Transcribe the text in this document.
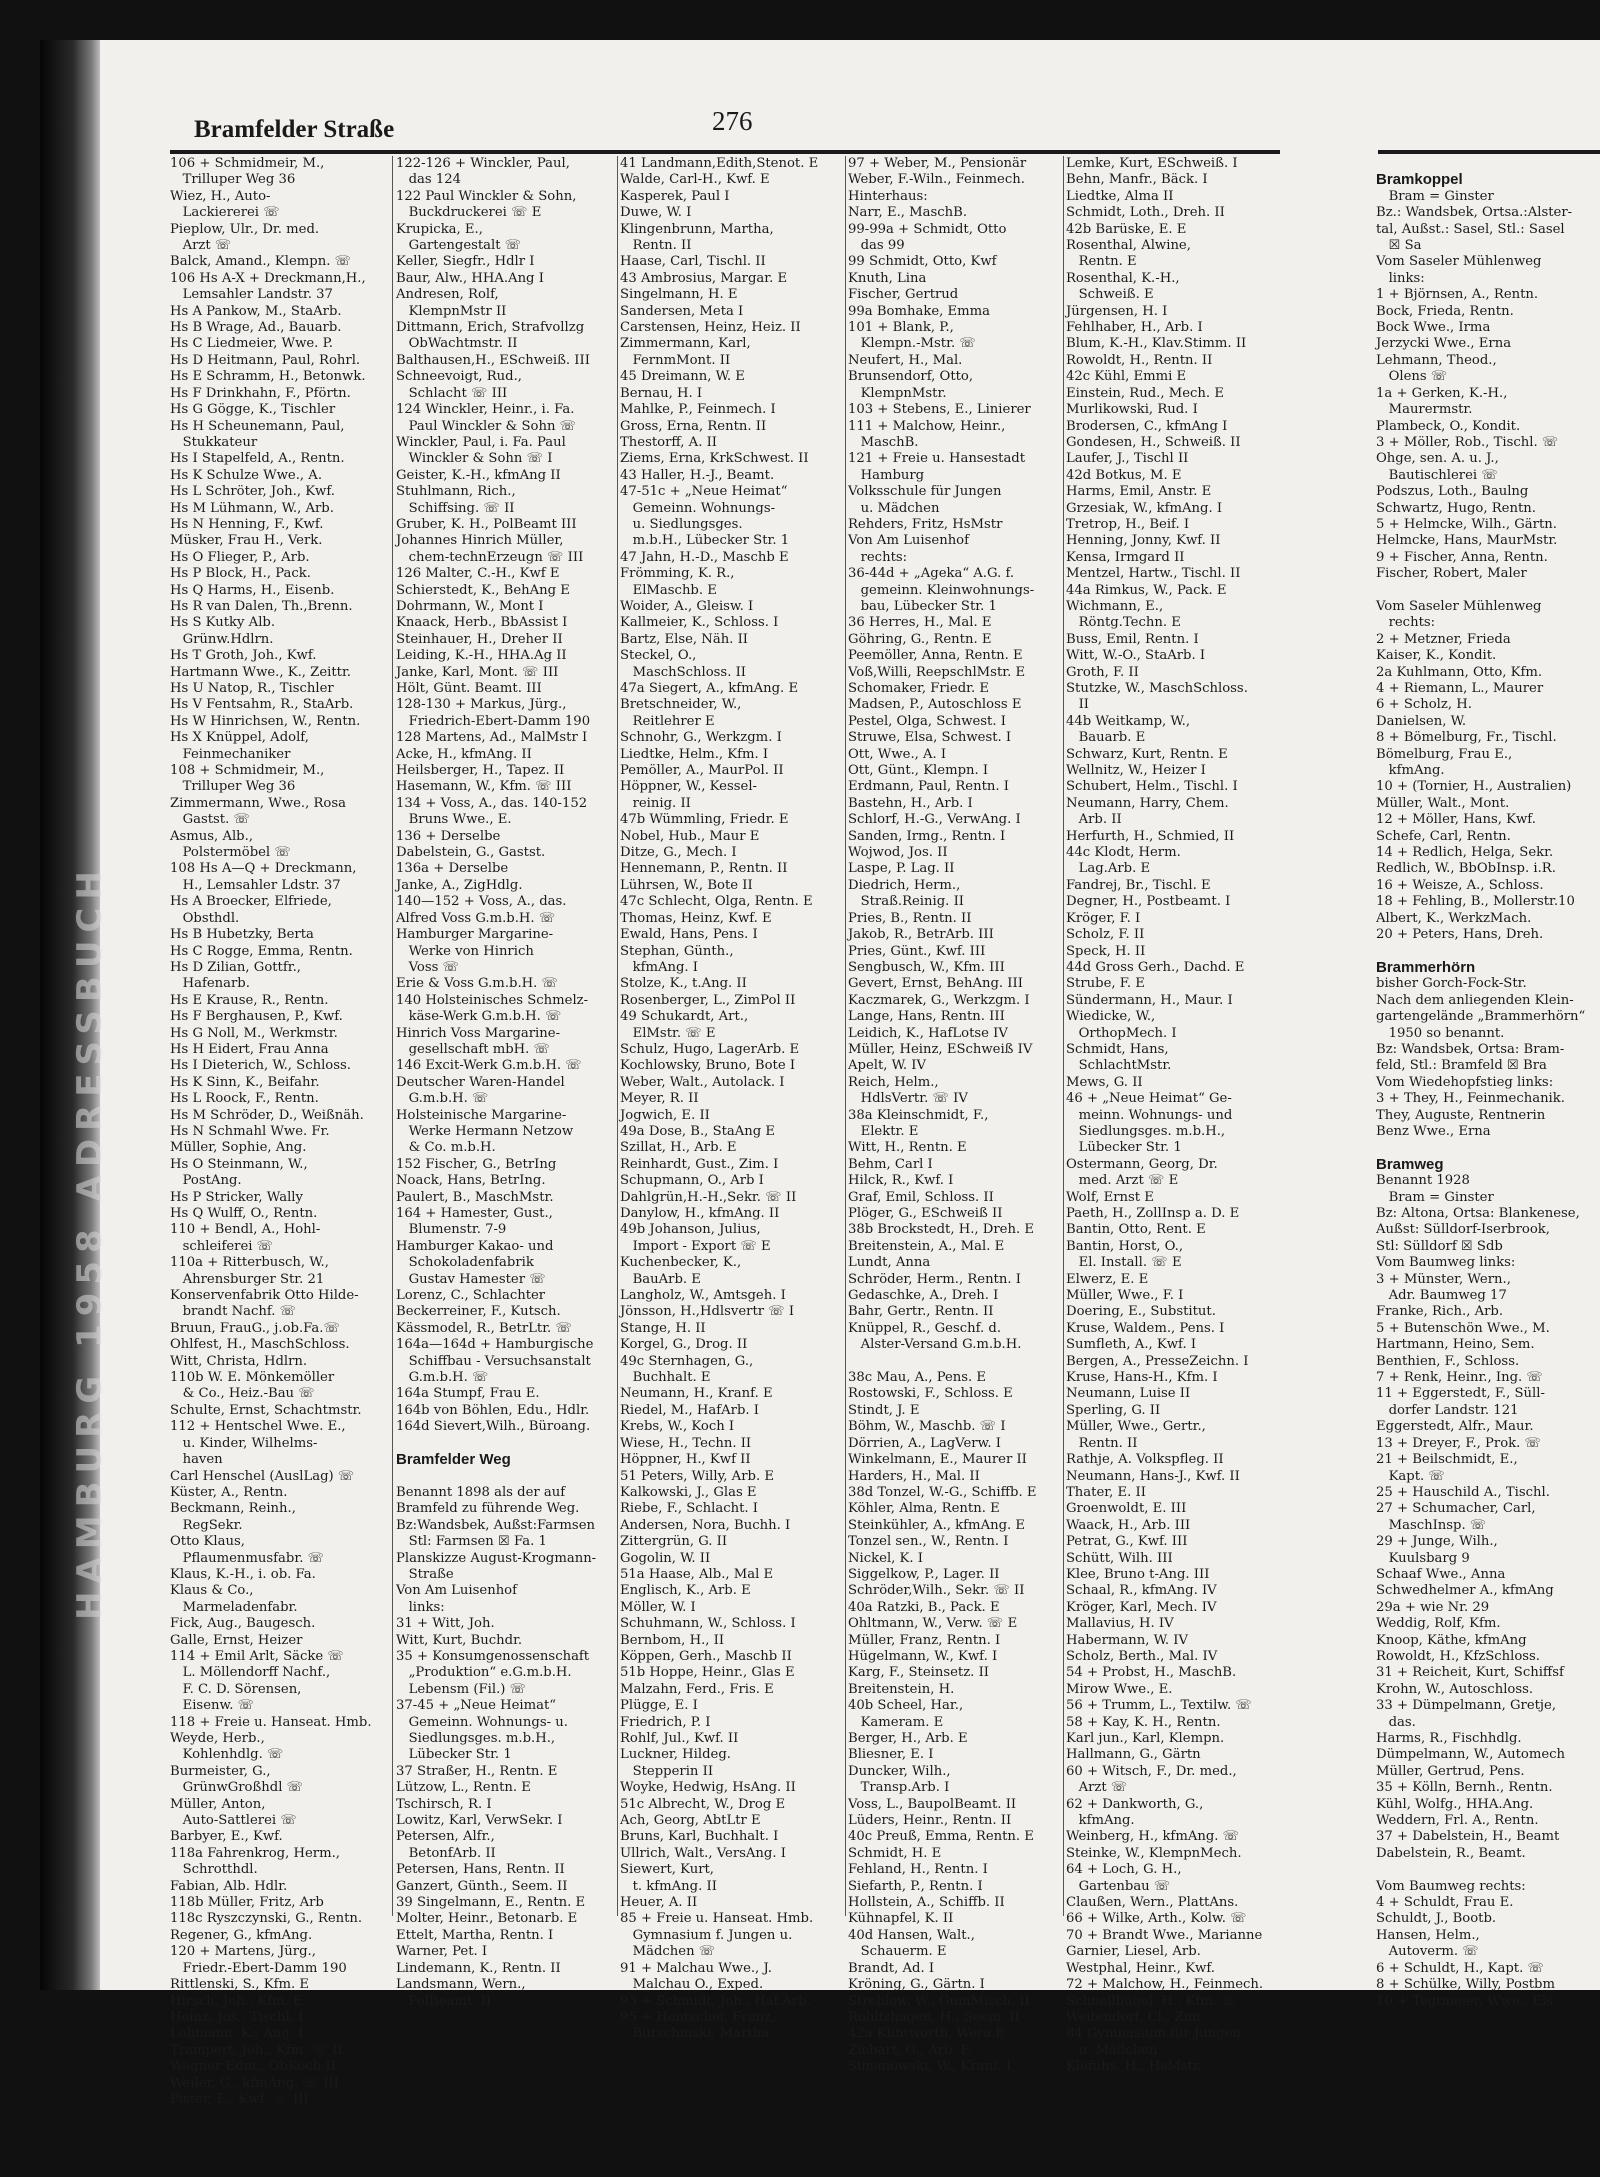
HAMBURG 1958 ADRESSBUCH
Bramfelder Straße	276
106 + Schmidmeir, M.,
Trilluper Weg 36
Wiez, H., Auto-
Lackiererei ☏
Pieplow, Ulr., Dr. med.
Arzt ☏
Balck, Amand., Klempn. ☏
106 Hs A-X + Dreckmann,H.,
Lemsahler Landstr. 37
Hs A Pankow, M., StaArb.
Hs B Wrage, Ad., Bauarb.
Hs C Liedmeier, Wwe. P.
Hs D Heitmann, Paul, Rohrl.
Hs E Schramm, H., Betonwk.
Hs F Drinkhahn, F., Pförtn.
Hs G Gögge, K., Tischler
Hs H Scheunemann, Paul,
Stukkateur
Hs I Stapelfeld, A., Rentn.
Hs K Schulze Wwe., A.
Hs L Schröter, Joh., Kwf.
Hs M Lühmann, W., Arb.
Hs N Henning, F., Kwf.
Müsker, Frau H., Verk.
Hs O Flieger, P., Arb.
Hs P Block, H., Pack.
Hs Q Harms, H., Eisenb.
Hs R van Dalen, Th.,Brenn.
Hs S Kutky Alb.
Grünw.Hdlrn.
Hs T Groth, Joh., Kwf.
Hartmann Wwe., K., Zeittr.
Hs U Natop, R., Tischler
Hs V Fentsahm, R., StaArb.
Hs W Hinrichsen, W., Rentn.
Hs X Knüppel, Adolf,
Feinmechaniker
108 + Schmidmeir, M.,
Trilluper Weg 36
Zimmermann, Wwe., Rosa
Gastst. ☏
Asmus, Alb.,
Polstermöbel ☏
108 Hs A—Q + Dreckmann,
H., Lemsahler Ldstr. 37
Hs A Broecker, Elfriede,
Obsthdl.
Hs B Hubetzky, Berta
Hs C Rogge, Emma, Rentn.
Hs D Zilian, Gottfr.,
Hafenarb.
Hs E Krause, R., Rentn.
Hs F Berghausen, P., Kwf.
Hs G Noll, M., Werkmstr.
Hs H Eidert, Frau Anna
Hs I Dieterich, W., Schloss.
Hs K Sinn, K., Beifahr.
Hs L Roock, F., Rentn.
Hs M Schröder, D., Weißnäh.
Hs N Schmahl Wwe. Fr.
Müller, Sophie, Ang.
Hs O Steinmann, W.,
PostAng.
Hs P Stricker, Wally
Hs Q Wulff, O., Rentn.
110 + Bendl, A., Hohl-
schleiferei ☏
110a + Ritterbusch, W.,
Ahrensburger Str. 21
Konservenfabrik Otto Hilde-
brandt Nachf. ☏
Bruun, FrauG., j.ob.Fa.☏
Ohlfest, H., MaschSchloss.
Witt, Christa, Hdlrn.
110b W. E. Mönkemöller
& Co., Heiz.-Bau ☏
Schulte, Ernst, Schachtmstr.
112 + Hentschel Wwe. E.,
u. Kinder, Wilhelms-
haven
Carl Henschel (AuslLag) ☏
Küster, A., Rentn.
Beckmann, Reinh.,
RegSekr.
Otto Klaus,
Pflaumenmusfabr. ☏
Klaus, K.-H., i. ob. Fa.
Klaus & Co.,
Marmeladenfabr.
Fick, Aug., Baugesch.
Galle, Ernst, Heizer
114 + Emil Arlt, Säcke ☏
L. Möllendorff Nachf.,
F. C. D. Sörensen,
Eisenw. ☏
118 + Freie u. Hanseat. Hmb.
Weyde, Herb.,
Kohlenhdlg. ☏
Burmeister, G.,
GrünwGroßhdl ☏
Müller, Anton,
Auto-Sattlerei ☏
Barbyer, E., Kwf.
118a Fahrenkrog, Herm.,
Schrotthdl.
Fabian, Alb. Hdlr.
118b Müller, Fritz, Arb
118c Ryszczynski, G., Rentn.
Regener, G., kfmAng.
120 + Martens, Jürg.,
Friedr.-Ebert-Damm 190
Rittlenski, S., Kfm. E
Hirsch, Joh., Kfm. E
Heinz, Jos., Tischl. I
Lohmann, K., Ang. I
Trampert, Joh., Kfm. ☏ II
Wagner Edm., ObKoch II
Weiler, G., kfmAng. ☏ III
Pister, E., Kwf. ☏ III
122-126 + Winckler, Paul,
das 124
122 Paul Winckler & Sohn,
Buckdruckerei ☏ E
Krupicka, E.,
Gartengestalt ☏
Keller, Siegfr., Hdlr I
Baur, Alw., HHA.Ang I
Andresen, Rolf,
KlempnMstr II
Dittmann, Erich, Strafvollzg
ObWachtmstr. II
Balthausen,H., ESchweiß. III
Schneevoigt, Rud.,
Schlacht ☏ III
124 Winckler, Heinr., i. Fa.
Paul Winckler & Sohn ☏
Winckler, Paul, i. Fa. Paul
Winckler & Sohn ☏ I
Geister, K.-H., kfmAng II
Stuhlmann, Rich.,
Schiffsing. ☏ II
Gruber, K. H., PolBeamt III
Johannes Hinrich Müller,
chem-technErzeugn ☏ III
126 Malter, C.-H., Kwf E
Schierstedt, K., BehAng E
Dohrmann, W., Mont I
Knaack, Herb., BbAssist I
Steinhauer, H., Dreher II
Leiding, K.-H., HHA.Ag II
Janke, Karl, Mont. ☏ III
Hölt, Günt. Beamt. III
128-130 + Markus, Jürg.,
Friedrich-Ebert-Damm 190
128 Martens, Ad., MalMstr I
Acke, H., kfmAng. II
Heilsberger, H., Tapez. II
Hasemann, W., Kfm. ☏ III
134 + Voss, A., das. 140-152
Bruns Wwe., E.
136 + Derselbe
Dabelstein, G., Gastst.
136a + Derselbe
Janke, A., ZigHdlg.
140—152 + Voss, A., das.
Alfred Voss G.m.b.H. ☏
Hamburger Margarine-
Werke von Hinrich
Voss ☏
Erie & Voss G.m.b.H. ☏
140 Holsteinisches Schmelz-
käse-Werk G.m.b.H. ☏
Hinrich Voss Margarine-
gesellschaft mbH. ☏
146 Excit-Werk G.m.b.H. ☏
Deutscher Waren-Handel
G.m.b.H. ☏
Holsteinische Margarine-
Werke Hermann Netzow
& Co. m.b.H.
152 Fischer, G., BetrIng
Noack, Hans, BetrIng.
Paulert, B., MaschMstr.
164 + Hamester, Gust.,
Blumenstr. 7-9
Hamburger Kakao- und
Schokoladenfabrik
Gustav Hamester ☏
Lorenz, C., Schlachter
Beckerreiner, F., Kutsch.
Kässmodel, R., BetrLtr. ☏
164a—164d + Hamburgische
Schiffbau - Versuchsanstalt
G.m.b.H. ☏
164a Stumpf, Frau E.
164b von Böhlen, Edu., Hdlr.
164d Sievert,Wilh., Büroang.

Bramfelder Weg

Benannt 1898 als der auf
Bramfeld zu führende Weg.
Bz:Wandsbek, Außst:Farmsen
Stl: Farmsen ☒ Fa. 1
Planskizze August-Krogmann-
Straße
Von Am Luisenhof
links:
31 + Witt, Joh.
Witt, Kurt, Buchdr.
35 + Konsumgenossenschaft
„Produktion“ e.G.m.b.H.
Lebensm (Fil.) ☏
37-45 + „Neue Heimat“
Gemeinn. Wohnungs- u.
Siedlungsges. m.b.H.,
Lübecker Str. 1
37 Straßer, H., Rentn. E
Lützow, L., Rentn. E
Tschirsch, R. I
Lowitz, Karl, VerwSekr. I
Petersen, Alfr.,
BetonfArb. II
Petersen, Hans, Rentn. II
Ganzert, Günth., Seem. II
39 Singelmann, E., Rentn. E
Molter, Heinr., Betonarb. E
Ettelt, Martha, Rentn. I
Warner, Pet. I
Lindemann, K., Rentn. II
Landsmann, Wern.,
PolBeamt. II
41 Landmann,Edith,Stenot. E
Walde, Carl-H., Kwf. E
Kasperek, Paul I
Duwe, W. I
Klingenbrunn, Martha,
Rentn. II
Haase, Carl, Tischl. II
43 Ambrosius, Margar. E
Singelmann, H. E
Sandersen, Meta I
Carstensen, Heinz, Heiz. II
Zimmermann, Karl,
FernmMont. II
45 Dreimann, W. E
Bernau, H. I
Mahlke, P., Feinmech. I
Gross, Erna, Rentn. II
Thestorff, A. II
Ziems, Erna, KrkSchwest. II
43 Haller, H.-J., Beamt.
47-51c + „Neue Heimat“
Gemeinn. Wohnungs-
u. Siedlungsges.
m.b.H., Lübecker Str. 1
47 Jahn, H.-D., Maschb E
Frömming, K. R.,
ElMaschb. E
Woider, A., Gleisw. I
Kallmeier, K., Schloss. I
Bartz, Else, Näh. II
Steckel, O.,
MaschSchloss. II
47a Siegert, A., kfmAng. E
Bretschneider, W.,
Reitlehrer E
Schnohr, G., Werkzgm. I
Liedtke, Helm., Kfm. I
Pemöller, A., MaurPol. II
Höppner, W., Kessel-
reinig. II
47b Wümmling, Friedr. E
Nobel, Hub., Maur E
Ditze, G., Mech. I
Hennemann, P., Rentn. II
Lührsen, W., Bote II
47c Schlecht, Olga, Rentn. E
Thomas, Heinz, Kwf. E
Ewald, Hans, Pens. I
Stephan, Günth.,
kfmAng. I
Stolze, K., t.Ang. II
Rosenberger, L., ZimPol II
49 Schukardt, Art.,
ElMstr. ☏ E
Schulz, Hugo, LagerArb. E
Kochlowsky, Bruno, Bote I
Weber, Walt., Autolack. I
Meyer, R. II
Jogwich, E. II
49a Dose, B., StaAng E
Szillat, H., Arb. E
Reinhardt, Gust., Zim. I
Schupmann, O., Arb I
Dahlgrün,H.-H.,Sekr. ☏ II
Danylow, H., kfmAng. II
49b Johanson, Julius,
Import - Export ☏ E
Kuchenbecker, K.,
BauArb. E
Langholz, W., Amtsgeh. I
Jönsson, H.,Hdlsvertr ☏ I
Stange, H. II
Korgel, G., Drog. II
49c Sternhagen, G.,
Buchhalt. E
Neumann, H., Kranf. E
Riedel, M., HafArb. I
Krebs, W., Koch I
Wiese, H., Techn. II
Höppner, H., Kwf II
51 Peters, Willy, Arb. E
Kalkowski, J., Glas E
Riebe, F., Schlacht. I
Andersen, Nora, Buchh. I
Zittergrün, G. II
Gogolin, W. II
51a Haase, Alb., Mal E
Englisch, K., Arb. E
Möller, W. I
Schuhmann, W., Schloss. I
Bernbom, H., II
Köppen, Gerh., Maschb II
51b Hoppe, Heinr., Glas E
Malzahn, Ferd., Fris. E
Plügge, E. I
Friedrich, P. I
Rohlf, Jul., Kwf. II
Luckner, Hildeg.
Stepperin II
Woyke, Hedwig, HsAng. II
51c Albrecht, W., Drog E
Ach, Georg, AbtLtr E
Bruns, Karl, Buchhalt. I
Ullrich, Walt., VersAng. I
Siewert, Kurt,
t. kfmAng. II
Heuer, A. II
85 + Freie u. Hanseat. Hmb.
Gymnasium f. Jungen u.
Mädchen ☏
91 + Malchau Wwe., J.
Malchau O., Exped.
93 + Schmidt, Joh., Haf.Arb.
95 + Hentschel, Franz,
Burschinski, Martha
97 + Weber, M., Pensionär
Weber, F.-Wiln., Feinmech.
Hinterhaus:
Narr, E., MaschB.
99-99a + Schmidt, Otto
das 99
99 Schmidt, Otto, Kwf
Knuth, Lina
Fischer, Gertrud
99a Bomhake, Emma
101 + Blank, P.,
Klempn.-Mstr. ☏
Neufert, H., Mal.
Brunsendorf, Otto,
KlempnMstr.
103 + Stebens, E., Linierer
111 + Malchow, Heinr.,
MaschB.
121 + Freie u. Hansestadt
Hamburg
Volksschule für Jungen
u. Mädchen
Rehders, Fritz, HsMstr
Von Am Luisenhof
rechts:
36-44d + „Ageka“ A.G. f.
gemeinn. Kleinwohnungs-
bau, Lübecker Str. 1
36 Herres, H., Mal. E
Göhring, G., Rentn. E
Peemöller, Anna, Rentn. E
Voß,Willi, ReepschlMstr. E
Schomaker, Friedr. E
Madsen, P., Autoschloss E
Pestel, Olga, Schwest. I
Struwe, Elsa, Schwest. I
Ott, Wwe., A. I
Ott, Günt., Klempn. I
Erdmann, Paul, Rentn. I
Bastehn, H., Arb. I
Schlorf, H.-G., VerwAng. I
Sanden, Irmg., Rentn. I
Wojwod, Jos. II
Laspe, P. Lag. II
Diedrich, Herm.,
Straß.Reinig. II
Pries, B., Rentn. II
Jakob, R., BetrArb. III
Pries, Günt., Kwf. III
Sengbusch, W., Kfm. III
Gevert, Ernst, BehAng. III
Kaczmarek, G., Werkzgm. I
Lange, Hans, Rentn. III
Leidich, K., HafLotse IV
Müller, Heinz, ESchweiß IV
Apelt, W. IV
Reich, Helm.,
HdlsVertr. ☏ IV
38a Kleinschmidt, F.,
Elektr. E
Witt, H., Rentn. E
Behm, Carl I
Hilck, R., Kwf. I
Graf, Emil, Schloss. II
Plöger, G., ESchweiß II
38b Brockstedt, H., Dreh. E
Breitenstein, A., Mal. E
Lundt, Anna
Schröder, Herm., Rentn. I
Gedaschke, A., Dreh. I
Bahr, Gertr., Rentn. II
Knüppel, R., Geschf. d.
Alster-Versand G.m.b.H.

38c Mau, A., Pens. E
Rostowski, F., Schloss. E
Stindt, J. E
Böhm, W., Maschb. ☏ I
Dörrien, A., LagVerw. I
Winkelmann, E., Maurer II
Harders, H., Mal. II
38d Tonzel, W.-G., Schiffb. E
Köhler, Alma, Rentn. E
Steinkühler, A., kfmAng. E
Tonzel sen., W., Rentn. I
Nickel, K. I
Siggelkow, P., Lager. II
Schröder,Wilh., Sekr. ☏ II
40a Ratzki, B., Pack. E
Ohltmann, W., Verw. ☏ E
Müller, Franz, Rentn. I
Hügelmann, W., Kwf. I
Karg, F., Steinsetz. II
Breitenstein, H.
40b Scheel, Har.,
Kameram. E
Berger, H., Arb. E
Bliesner, E. I
Duncker, Wilh.,
Transp.Arb. I
Voss, L., BaupolBeamt. II
Lüders, Heinr., Rentn. II
40c Preuß, Emma, Rentn. E
Schmidt, H. E
Fehland, H., Rentn. I
Siefarth, P., Rentn. I
Hollstein, A., Schiffb. II
Kühnapfel, K. II
40d Hansen, Walt.,
Schauerm. E
Brandt, Ad. I
Kröning, G., Gärtn. I
Streblow, W., GumMisch. II
Rohlfshagen, H., Seem. II
42a Klintworth, Wera E
Ziebart, G., Arb. E
Simanowski, W., Kranf. I
Lemke, Kurt, ESchweiß. I
Behn, Manfr., Bäck. I
Liedtke, Alma II
Schmidt, Loth., Dreh. II
42b Barüske, E. E
Rosenthal, Alwine,
Rentn. E
Rosenthal, K.-H.,
Schweiß. E
Jürgensen, H. I
Fehlhaber, H., Arb. I
Blum, K.-H., Klav.Stimm. II
Rowoldt, H., Rentn. II
42c Kühl, Emmi E
Einstein, Rud., Mech. E
Murlikowski, Rud. I
Brodersen, C., kfmAng I
Gondesen, H., Schweiß. II
Laufer, J., Tischl II
42d Botkus, M. E
Harms, Emil, Anstr. E
Grzesiak, W., kfmAng. I
Tretrop, H., Beif. I
Henning, Jonny, Kwf. II
Kensa, Irmgard II
Mentzel, Hartw., Tischl. II
44a Rimkus, W., Pack. E
Wichmann, E.,
Röntg.Techn. E
Buss, Emil, Rentn. I
Witt, W.-O., StaArb. I
Groth, F. II
Stutzke, W., MaschSchloss.
II
44b Weitkamp, W.,
Bauarb. E
Schwarz, Kurt, Rentn. E
Wellnitz, W., Heizer I
Schubert, Helm., Tischl. I
Neumann, Harry, Chem.
Arb. II
Herfurth, H., Schmied, II
44c Klodt, Herm.
Lag.Arb. E
Fandrej, Br., Tischl. E
Degner, H., Postbeamt. I
Kröger, F. I
Scholz, F. II
Speck, H. II
44d Gross Gerh., Dachd. E
Strube, F. E
Sündermann, H., Maur. I
Wiedicke, W.,
OrthopMech. I
Schmidt, Hans,
SchlachtMstr.
Mews, G. II
46 + „Neue Heimat“ Ge-
meinn. Wohnungs- und
Siedlungsges. m.b.H.,
Lübecker Str. 1
Ostermann, Georg, Dr.
med. Arzt ☏ E
Wolf, Ernst E
Paeth, H., ZollInsp a. D. E
Bantin, Otto, Rent. E
Bantin, Horst, O.,
El. Install. ☏ E
Elwerz, E. E
Müller, Wwe., F. I
Doering, E., Substitut.
Kruse, Waldem., Pens. I
Sumfleth, A., Kwf. I
Bergen, A., PresseZeichn. I
Kruse, Hans-H., Kfm. I
Neumann, Luise II
Sperling, G. II
Müller, Wwe., Gertr.,
Rentn. II
Rathje, A. Volkspfleg. II
Neumann, Hans-J., Kwf. II
Thater, E. II
Groenwoldt, E. III
Waack, H., Arb. III
Petrat, G., Kwf. III
Schütt, Wilh. III
Klee, Bruno t-Ang. III
Schaal, R., kfmAng. IV
Kröger, Karl, Mech. IV
Mallavius, H. IV
Habermann, W. IV
Scholz, Berth., Mal. IV
54 + Probst, H., MaschB.
Mirow Wwe., E.
56 + Trumm, L., Textilw. ☏
58 + Kay, K. H., Rentn.
Karl jun., Karl, Klempn.
Hallmann, G., Gärtn
60 + Witsch, F., Dr. med.,
Arzt ☏
62 + Dankworth, G.,
kfmAng.
Weinberg, H., kfmAng. ☏
Steinke, W., KlempnMech.
64 + Loch, G. H.,
Gartenbau ☏
Claußen, Wern., PlattAns.
66 + Wilke, Arth., Kolw. ☏
70 + Brandt Wwe., Marianne
Garnier, Liesel, Arb.
Westphal, Heinr., Kwf.
72 + Malchow, H., Feinmech.
Schnellbügel, H., Kfm. ☏
Weitendorf, Cl., Zim
84 Gymnasium für Jungen
u. Mädchen
Klefuhs, H., HsMstr.

Bramkoppel
Bram = Ginster
Bz.: Wandsbek, Ortsa.:Alster-
tal, Außst.: Sasel, Stl.: Sasel
☒ Sa
Vom Saseler Mühlenweg
links:
1 + Björnsen, A., Rentn.
Bock, Frieda, Rentn.
Bock Wwe., Irma
Jerzycki Wwe., Erna
Lehmann, Theod.,
Olens ☏
1a + Gerken, K.-H.,
Maurermstr.
Plambeck, O., Kondit.
3 + Möller, Rob., Tischl. ☏
Ohge, sen. A. u. J.,
Bautischlerei ☏
Podszus, Loth., Baulng
Schwartz, Hugo, Rentn.
5 + Helmcke, Wilh., Gärtn.
Helmcke, Hans, MaurMstr.
9 + Fischer, Anna, Rentn.
Fischer, Robert, Maler

Vom Saseler Mühlenweg
rechts:
2 + Metzner, Frieda
Kaiser, K., Kondit.
2a Kuhlmann, Otto, Kfm.
4 + Riemann, L., Maurer
6 + Scholz, H.
Danielsen, W.
8 + Bömelburg, Fr., Tischl.
Bömelburg, Frau E.,
kfmAng.
10 + (Tornier, H., Australien)
Müller, Walt., Mont.
12 + Möller, Hans, Kwf.
Schefe, Carl, Rentn.
14 + Redlich, Helga, Sekr.
Redlich, W., BbObInsp. i.R.
16 + Weisze, A., Schloss.
18 + Fehling, B., Mollerstr.10
Albert, K., WerkzMach.
20 + Peters, Hans, Dreh.

Brammerhörn
bisher Gorch-Fock-Str.
Nach dem anliegenden Klein-
gartengelände „Brammerhörn“
1950 so benannt.
Bz: Wandsbek, Ortsa: Bram-
feld, Stl.: Bramfeld ☒ Bra
Vom Wiedehopfstieg links:
3 + They, H., Feinmechanik.
They, Auguste, Rentnerin
Benz Wwe., Erna

Bramweg
Benannt 1928
Bram = Ginster
Bz: Altona, Ortsa: Blankenese,
Außst: Sülldorf-Iserbrook,
Stl: Sülldorf ☒ Sdb
Vom Baumweg links:
3 + Münster, Wern.,
Adr. Baumweg 17
Franke, Rich., Arb.
5 + Butenschön Wwe., M.
Hartmann, Heino, Sem.
Benthien, F., Schloss.
7 + Renk, Heinr., Ing. ☏
11 + Eggerstedt, F., Süll-
dorfer Landstr. 121
Eggerstedt, Alfr., Maur.
13 + Dreyer, F., Prok. ☏
21 + Beilschmidt, E.,
Kapt. ☏
25 + Hauschild A., Tischl.
27 + Schumacher, Carl,
MaschInsp. ☏
29 + Junge, Wilh.,
Kuulsbarg 9
Schaaf Wwe., Anna
Schwedhelmer A., kfmAng
29a + wie Nr. 29
Weddig, Rolf, Kfm.
Knoop, Käthe, kfmAng
Rowoldt, H., KfzSchloss.
31 + Reicheit, Kurt, Schiffsf
Krohn, W., Autoschloss.
33 + Dümpelmann, Gretje,
das.
Harms, R., Fischhdlg.
Dümpelmann, W., Automech
Müller, Gertrud, Pens.
35 + Kölln, Bernh., Rentn.
Kühl, Wolfg., HHA.Ang.
Weddern, Frl. A., Rentn.
37 + Dabelstein, H., Beamt
Dabelstein, R., Beamt.

Vom Baumweg rechts:
4 + Schuldt, Frau E.
Schuldt, J., Bootb.
Hansen, Helm.,
Autoverm. ☏
6 + Schuldt, H., Kapt. ☏
8 + Schülke, Willy, Postbm
10 + Tegtmeier, Wwe., Els
